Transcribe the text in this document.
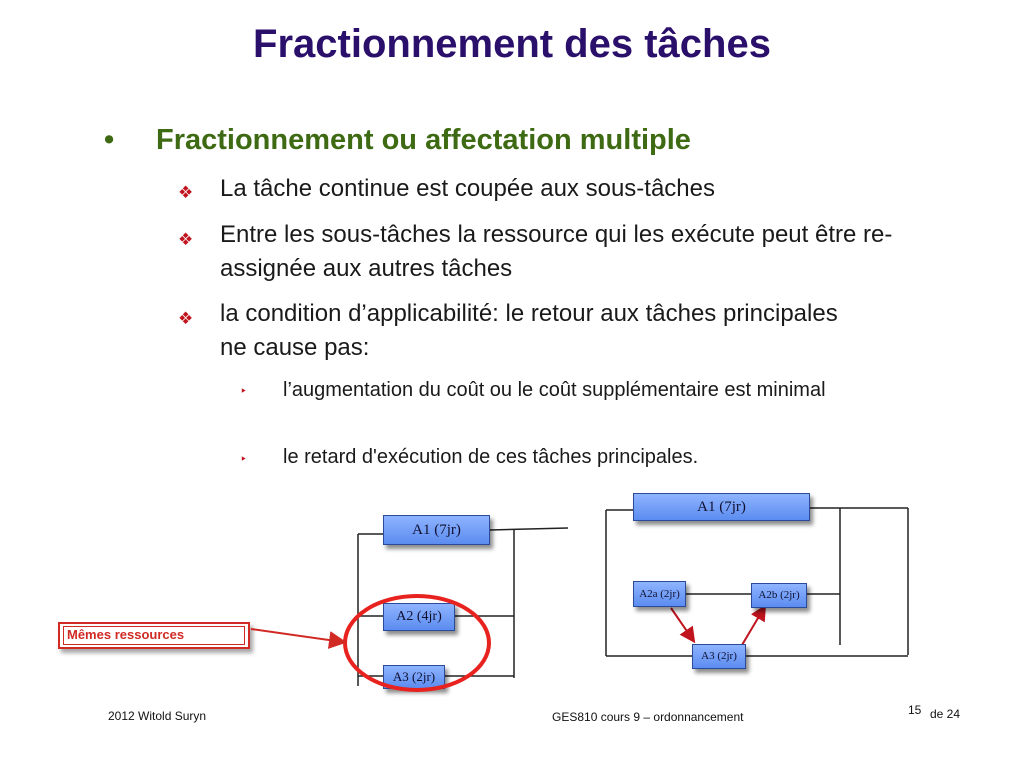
Fractionnement des tâches
• Fractionnement ou affectation multiple
❖ La tâche continue est coupée aux sous-tâches
❖ Entre les sous-tâches la ressource qui les exécute peut être re-assignée aux autres tâches
❖ la condition d’applicabilité: le retour aux tâches principales ne cause pas:
‣ l’augmentation du coût ou le coût supplémentaire est minimal
‣ le retard d'exécution de ces tâches principales.
A1 (7jr)
A2 (4jr)
A3 (2jr)
A1 (7jr)
A2a (2jr)	A2b (2jr)
A3 (2jr)
Mêmes ressources
2012 Witold Suryn	GES810 cours 9 – ordonnancement	15 de 24
